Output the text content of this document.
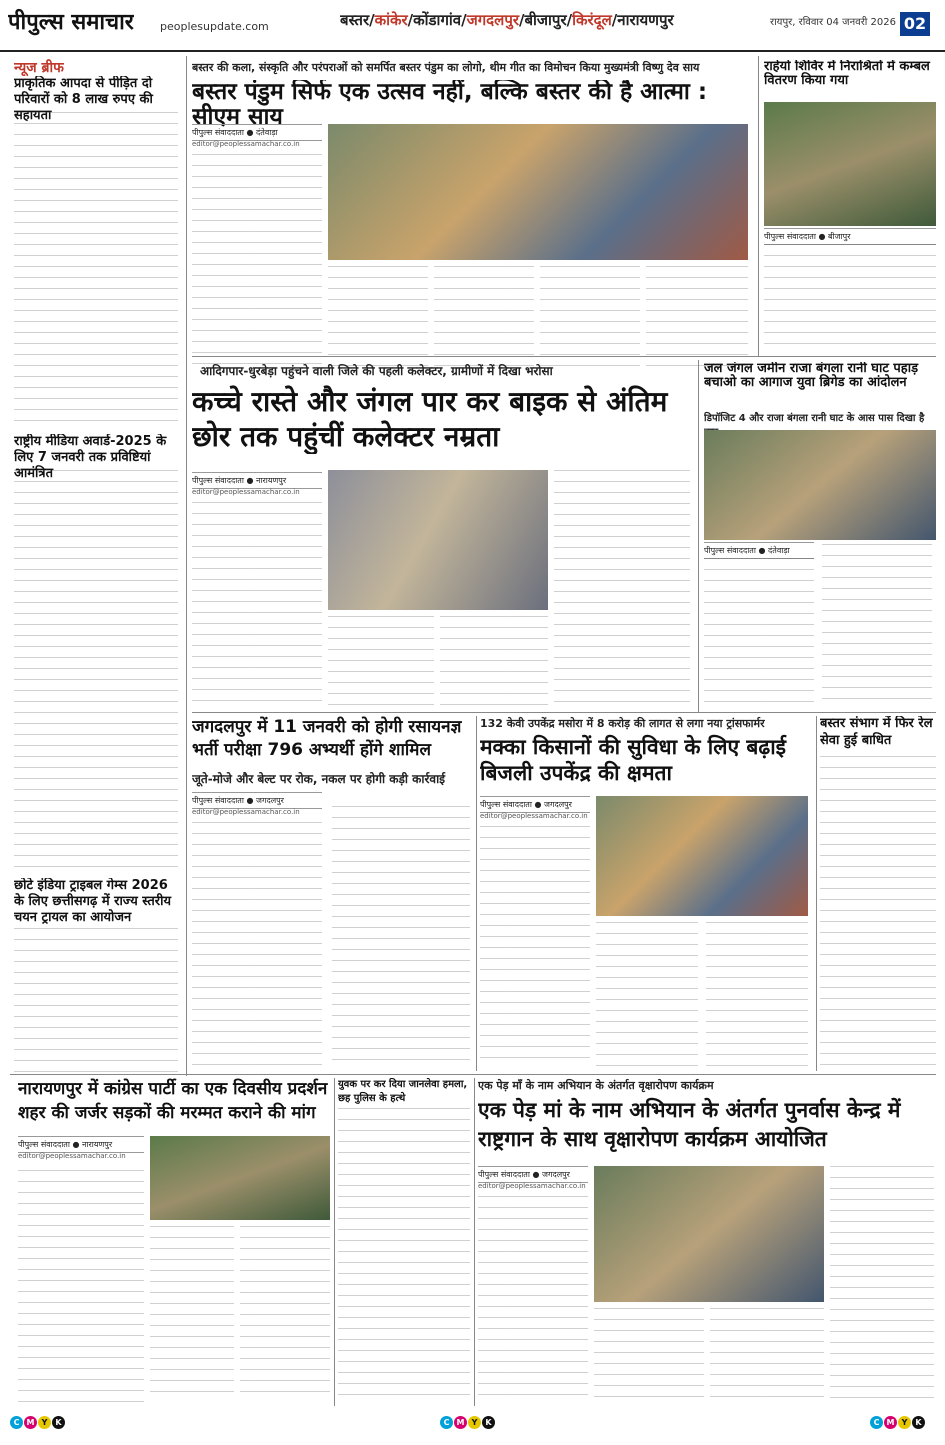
पीपुल्स समाचार peoplesupdate.com	बस्तर/कांकेर/कोंडागांव/जगदलपुर/बीजापुर/किरंदूल/नारायणपुर	रायपुर, रविवार 04 जनवरी 2026 02
न्यूज ब्रीफ
प्राकृतिक आपदा से पीड़ित दो परिवारों को 8 लाख रुपए की सहायता
राष्ट्रीय मीडिया अवार्ड-2025 के लिए 7 जनवरी तक प्रविष्टियां आमंत्रित
छोटे इंडिया ट्राइबल गेम्स 2026 के लिए छत्तीसगढ़ में राज्य स्तरीय चयन ट्रायल का आयोजन
बस्तर की कला, संस्कृति और परंपराओं को समर्पित बस्तर पंडुम का लोगो, थीम गीत का विमोचन किया मुख्यमंत्री विष्णु देव साय
बस्तर पंडुम सिर्फ एक उत्सव नहीं, बल्कि बस्तर की है आत्मा : सीएम साय
पीपुल्स संवाददाता ● दंतेवाड़ा
editor@peoplessamachar.co.in
राहेयो शिविर में निराश्रितों में कम्बल वितरण किया गया
पीपुल्स संवाददाता ● बीजापुर
आदिगपार-धुरबेड़ा पहुंचने वाली जिले की पहली कलेक्टर, ग्रामीणों में दिखा भरोसा
कच्चे रास्ते और जंगल पार कर बाइक से अंतिम छोर तक पहुंचीं कलेक्टर नम्रता
पीपुल्स संवाददाता ● नारायणपुर
editor@peoplessamachar.co.in
जल जंगल जमीन राजा बंगला रानी घाट पहाड़ बचाओ का आगाज युवा ब्रिगेड का आंदोलन
डिपॉजिट 4 और राजा बंगला रानी घाट के आस पास दिखा है
पीपुल्स संवाददाता ● दंतेवाड़ा
जगदलपुर में 11 जनवरी को होगी रसायनज्ञ भर्ती परीक्षा 796 अभ्यर्थी होंगे शामिल
जूते-मोजे और बेल्ट पर रोक, नकल पर होगी कड़ी कार्रवाई
पीपुल्स संवाददाता ● जगदलपुर
editor@peoplessamachar.co.in
132 केवी उपकेंद्र मसोरा में 8 करोड़ की लागत से लगा नया ट्रांसफार्मर
मक्का किसानों की सुविधा के लिए बढ़ाई बिजली उपकेंद्र की क्षमता
पीपुल्स संवाददाता ● जगदलपुर
editor@peoplessamachar.co.in
बस्तर संभाग में फिर रेल सेवा हुई बाधित
नारायणपुर में कांग्रेस पार्टी का एक दिवसीय प्रदर्शन शहर की जर्जर सड़कों की मरम्मत कराने की मांग
पीपुल्स संवाददाता ● नारायणपुर
editor@peoplessamachar.co.in
युवक पर कर दिया जानलेवा हमला, छह पुलिस के हत्थे
एक पेड़ माँ के नाम अभियान के अंतर्गत वृक्षारोपण कार्यक्रम
एक पेड़ मां के नाम अभियान के अंतर्गत पुनर्वास केन्द्र में राष्ट्रगान के साथ वृक्षारोपण कार्यक्रम आयोजित
पीपुल्स संवाददाता ● जगदलपुर
editor@peoplessamachar.co.in
C M Y K	C M Y K	C M Y K
